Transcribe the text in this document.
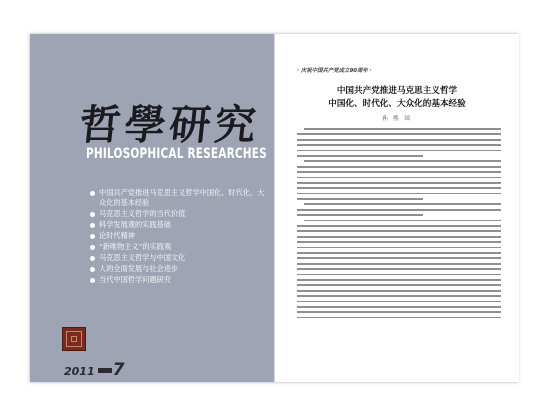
哲學研究
PHILOSOPHICAL RESEARCHES
中国共产党推进马克思主义哲学中国化、时代化、大众化的基本经验
马克思主义哲学的当代价值
科学发展观的实践基础
论时代精神
“新唯物主义”的实践观
马克思主义哲学与中国文化
人的全面发展与社会进步
当代中国哲学问题研究
2011 7
· 庆祝中国共产党成立90周年 ·
中国共产党推进马克思主义哲学
中国化、时代化、大众化的基本经验
孙 熙 国
